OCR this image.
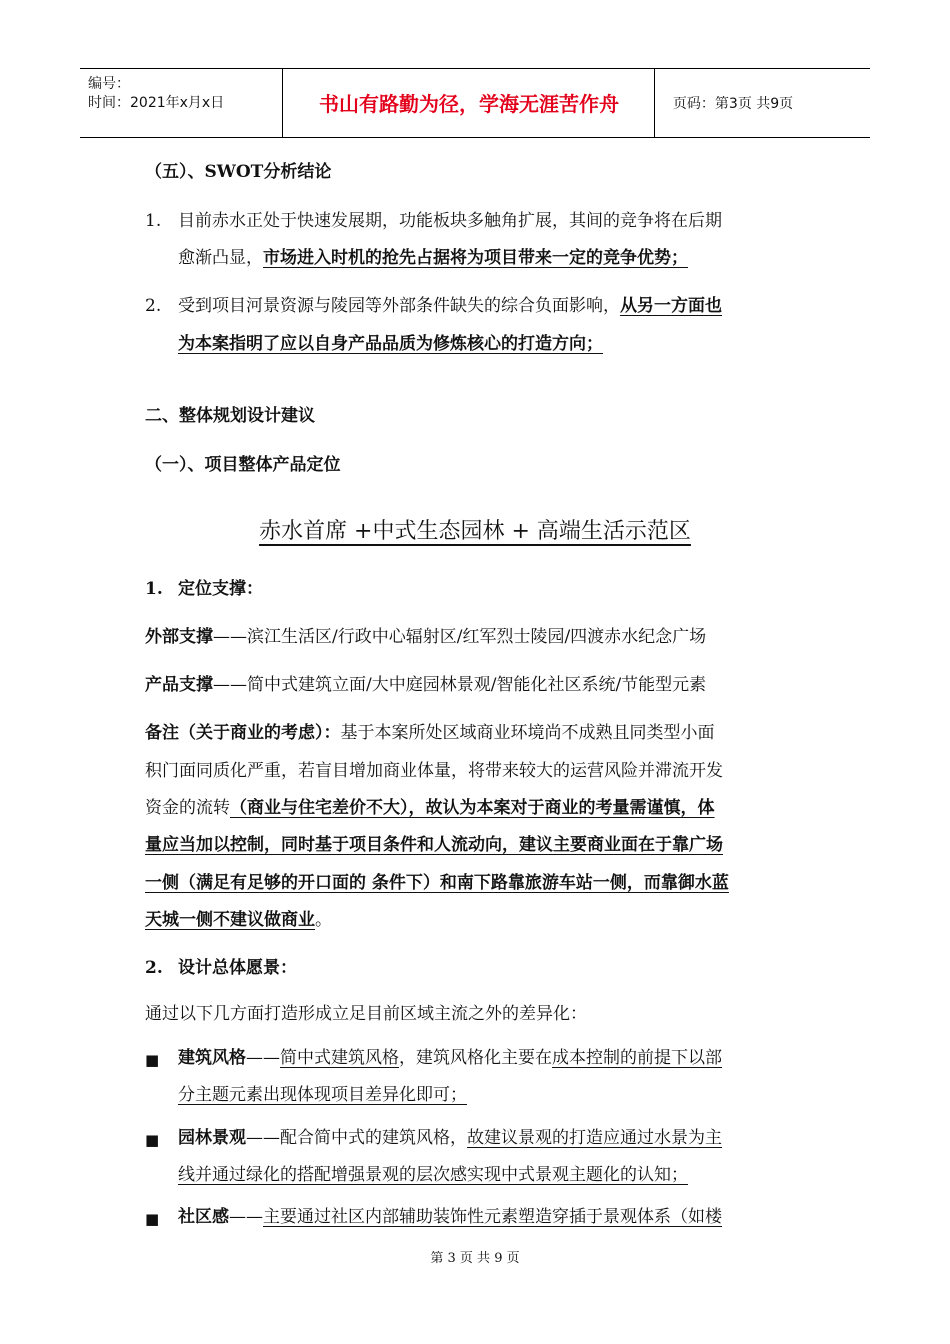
编号：
时间：2021年x月x日	书山有路勤为径，学海无涯苦作舟	页码：第3页 共9页
（五）、SWOT分析结论
1. 目前赤水正处于快速发展期，功能板块多触角扩展，其间的竞争将在后期
愈渐凸显，市场进入时机的抢先占据将为项目带来一定的竞争优势；
2. 受到项目河景资源与陵园等外部条件缺失的综合负面影响，从另一方面也
为本案指明了应以自身产品品质为修炼核心的打造方向；
二、整体规划设计建议
（一）、项目整体产品定位
赤水首席 +中式生态园林 + 高端生活示范区
1. 定位支撑：
外部支撑——滨江生活区/行政中心辐射区/红军烈士陵园/四渡赤水纪念广场
产品支撑——简中式建筑立面/大中庭园林景观/智能化社区系统/节能型元素
备注（关于商业的考虑）：基于本案所处区域商业环境尚不成熟且同类型小面
积门面同质化严重，若盲目增加商业体量，将带来较大的运营风险并滞流开发
资金的流转（商业与住宅差价不大），故认为本案对于商业的考量需谨慎，体
量应当加以控制，同时基于项目条件和人流动向，建议主要商业面在于靠广场
一侧（满足有足够的开口面的 条件下）和南下路靠旅游车站一侧，而靠御水蓝
天城一侧不建议做商业。
2. 设计总体愿景：
通过以下几方面打造形成立足目前区域主流之外的差异化：
■ 建筑风格——简中式建筑风格，建筑风格化主要在成本控制的前提下以部
分主题元素出现体现项目差异化即可；
■ 园林景观——配合简中式的建筑风格，故建议景观的打造应通过水景为主
线并通过绿化的搭配增强景观的层次感实现中式景观主题化的认知；
■ 社区感——主要通过社区内部辅助装饰性元素塑造穿插于景观体系（如楼
第 3 页 共 9 页
